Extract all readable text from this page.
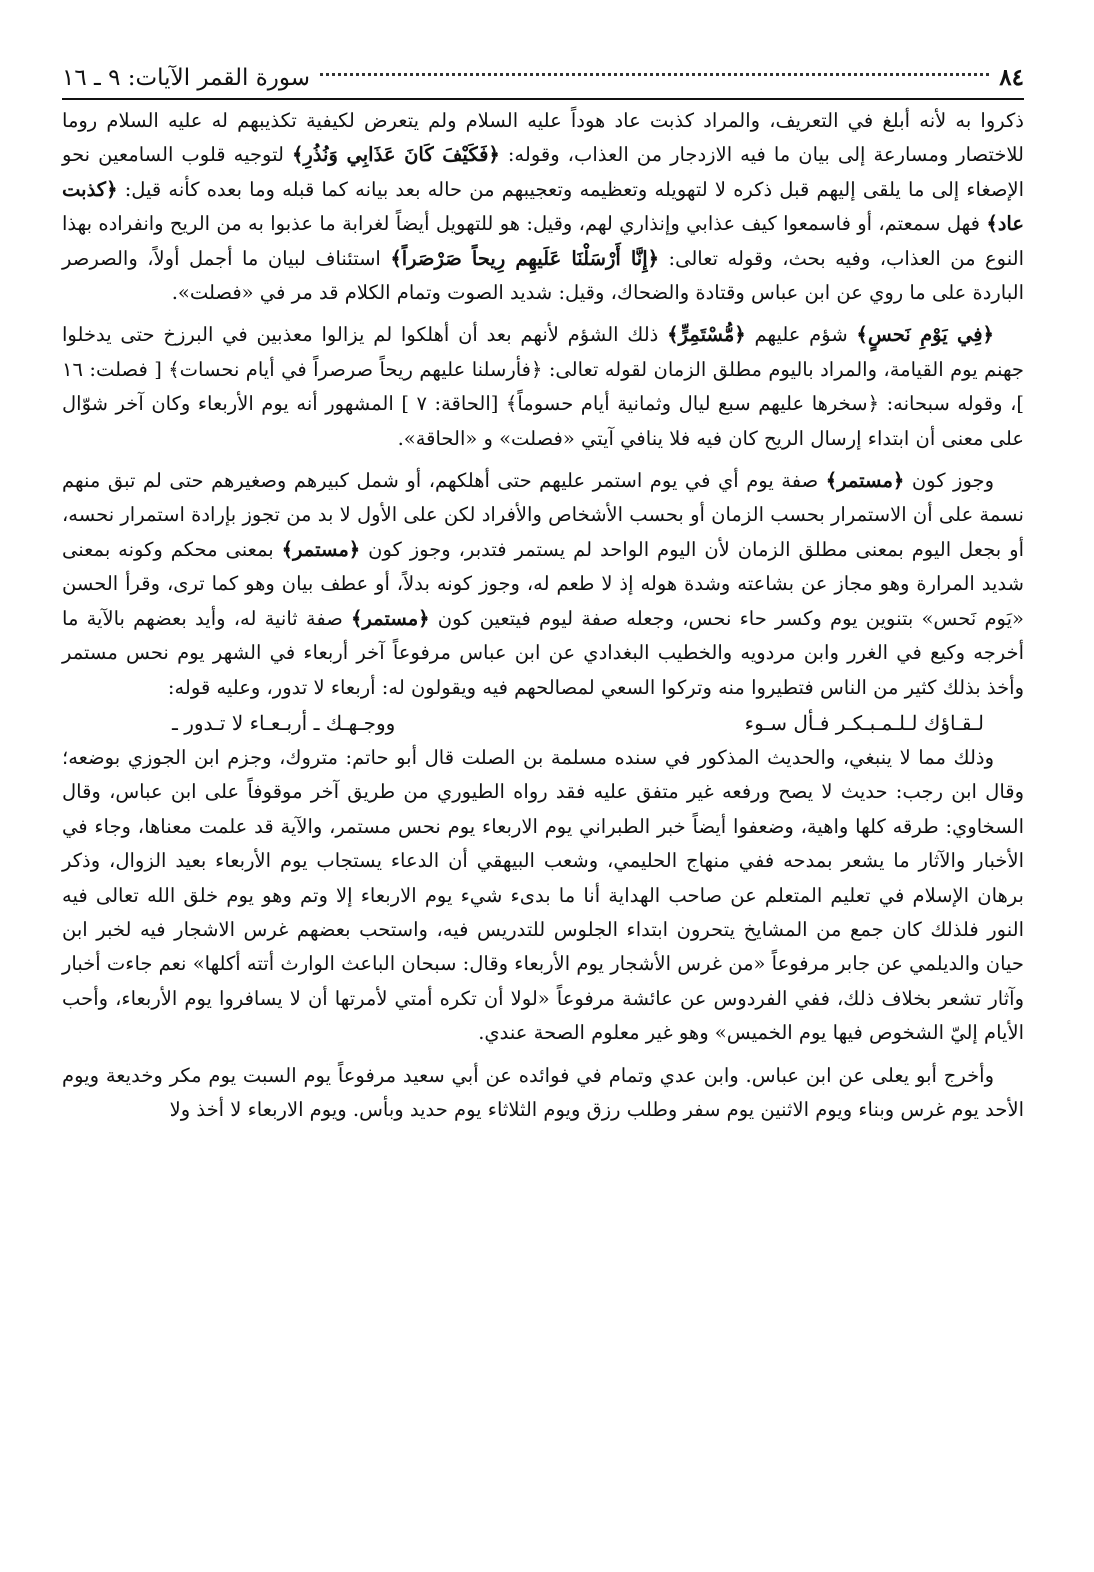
٨٤
سورة القمر الآيات: ٩ ـ ١٦

ذكروا به لأنه أبلغ في التعريف، والمراد كذبت عاد هوداً عليه السلام ولم يتعرض لكيفية تكذيبهم له عليه السلام روما للاختصار ومسارعة إلى بيان ما فيه الازدجار من العذاب، وقوله: ﴿فَكَيْفَ كَانَ عَذَابِي وَنُذُرِ﴾ لتوجيه قلوب السامعين نحو الإصغاء إلى ما يلقى إليهم قبل ذكره لا لتهويله وتعظيمه وتعجيبهم من حاله بعد بيانه كما قبله وما بعده كأنه قيل: ﴿كذبت عاد﴾ فهل سمعتم، أو فاسمعوا كيف عذابي وإنذاري لهم، وقيل: هو للتهويل أيضاً لغرابة ما عذبوا به من الريح وانفراده بهذا النوع من العذاب، وفيه بحث، وقوله تعالى: ﴿إِنَّا أَرْسَلْنَا عَلَيهِم رِيحاً صَرْصَراً﴾ استئناف لبيان ما أجمل أولاً، والصرصر الباردة على ما روي عن ابن عباس وقتادة والضحاك، وقيل: شديد الصوت وتمام الكلام قد مر في «فصلت».

﴿فِي يَوْمِ نَحسٍ﴾ شؤم عليهم ﴿مُّسْتَمِرٍّ﴾ ذلك الشؤم لأنهم بعد أن أهلكوا لم يزالوا معذبين في البرزخ حتى يدخلوا جهنم يوم القيامة، والمراد باليوم مطلق الزمان لقوله تعالى: ﴿فأرسلنا عليهم ريحاً صرصراً في أيام نحسات﴾ [ فصلت: ١٦ ]، وقوله سبحانه: ﴿سخرها عليهم سبع ليال وثمانية أيام حسوماً﴾ [الحاقة: ٧ ] المشهور أنه يوم الأربعاء وكان آخر شوّال على معنى أن ابتداء إرسال الريح كان فيه فلا ينافي آيتي «فصلت» و «الحاقة».

وجوز كون ﴿مستمر﴾ صفة يوم أي في يوم استمر عليهم حتى أهلكهم، أو شمل كبيرهم وصغيرهم حتى لم تبق منهم نسمة على أن الاستمرار بحسب الزمان أو بحسب الأشخاص والأفراد لكن على الأول لا بد من تجوز بإرادة استمرار نحسه، أو بجعل اليوم بمعنى مطلق الزمان لأن اليوم الواحد لم يستمر فتدبر، وجوز كون ﴿مستمر﴾ بمعنى محكم وكونه بمعنى شديد المرارة وهو مجاز عن بشاعته وشدة هوله إذ لا طعم له، وجوز كونه بدلاً، أو عطف بيان وهو كما ترى، وقرأ الحسن «يَوم نَحس» بتنوين يوم وكسر حاء نحس، وجعله صفة ليوم فيتعين كون ﴿مستمر﴾ صفة ثانية له، وأيد بعضهم بالآية ما أخرجه وكيع في الغرر وابن مردويه والخطيب البغدادي عن ابن عباس مرفوعاً آخر أربعاء في الشهر يوم نحس مستمر وأخذ بذلك كثير من الناس فتطيروا منه وتركوا السعي لمصالحهم فيه ويقولون له: أربعاء لا تدور، وعليه قوله:

لـقـاؤك لـلـمـبـكـر فـأل سـوء
ووجـهـك ـ أربـعـاء لا تـدور ـ

وذلك مما لا ينبغي، والحديث المذكور في سنده مسلمة بن الصلت قال أبو حاتم: متروك، وجزم ابن الجوزي بوضعه؛ وقال ابن رجب: حديث لا يصح ورفعه غير متفق عليه فقد رواه الطيوري من طريق آخر موقوفاً على ابن عباس، وقال السخاوي: طرقه كلها واهية، وضعفوا أيضاً خبر الطبراني يوم الاربعاء يوم نحس مستمر، والآية قد علمت معناها، وجاء في الأخبار والآثار ما يشعر بمدحه ففي منهاج الحليمي، وشعب البيهقي أن الدعاء يستجاب يوم الأربعاء بعيد الزوال، وذكر برهان الإسلام في تعليم المتعلم عن صاحب الهداية أنا ما بدىء شيء يوم الاربعاء إلا وتم وهو يوم خلق الله تعالى فيه النور فلذلك كان جمع من المشايخ يتحرون ابتداء الجلوس للتدريس فيه، واستحب بعضهم غرس الاشجار فيه لخبر ابن حيان والديلمي عن جابر مرفوعاً «من غرس الأشجار يوم الأربعاء وقال: سبحان الباعث الوارث أتته أكلها» نعم جاءت أخبار وآثار تشعر بخلاف ذلك، ففي الفردوس عن عائشة مرفوعاً «لولا أن تكره أمتي لأمرتها أن لا يسافروا يوم الأربعاء، وأحب الأيام إليّ الشخوص فيها يوم الخميس» وهو غير معلوم الصحة عندي.

وأخرج أبو يعلى عن ابن عباس. وابن عدي وتمام في فوائده عن أبي سعيد مرفوعاً يوم السبت يوم مكر وخديعة ويوم الأحد يوم غرس وبناء ويوم الاثنين يوم سفر وطلب رزق ويوم الثلاثاء يوم حديد وبأس. ويوم الاربعاء لا أخذ ولا
